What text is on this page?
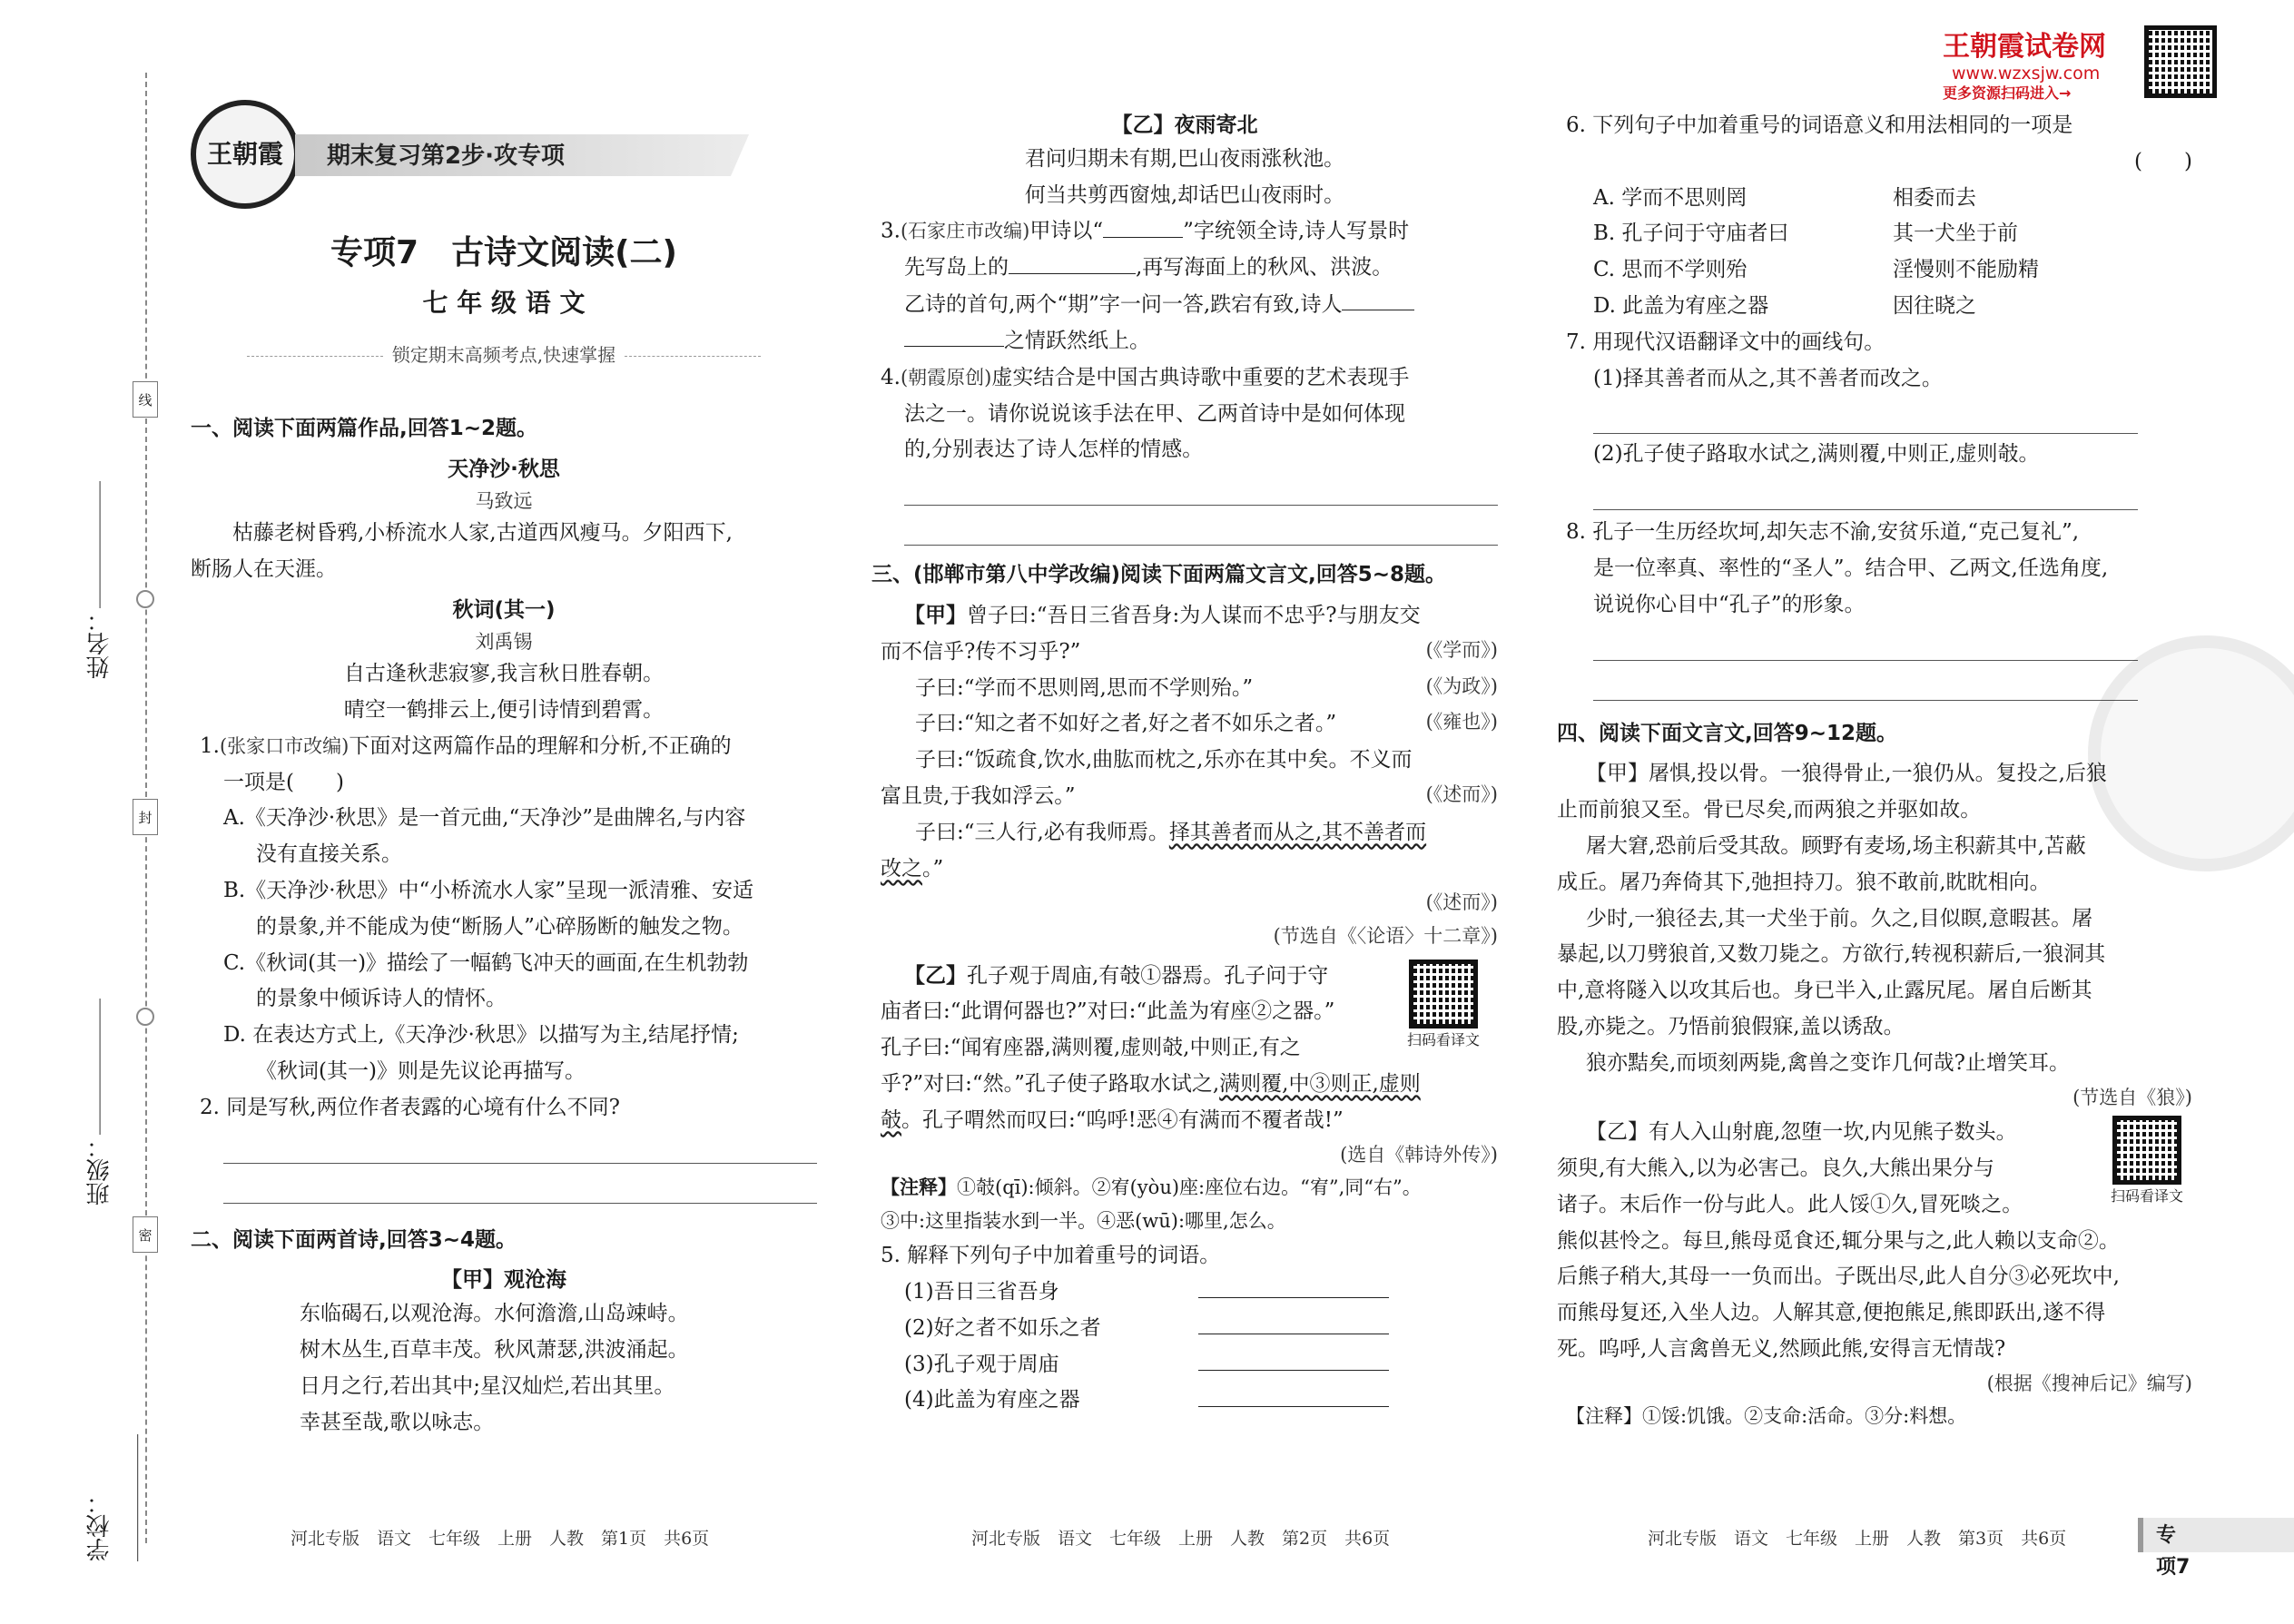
姓名：
线
班级：
封
学校：
密
王朝霞	期末复习第2步·攻专项
专项7　古诗文阅读(二)
七 年 级 语 文
锁定期末高频考点,快速掌握
一、阅读下面两篇作品,回答1~2题。
天净沙·秋思
马致远
枯藤老树昏鸦,小桥流水人家,古道西风瘦马。夕阳西下,
断肠人在天涯。
秋词(其一)
刘禹锡
自古逢秋悲寂寥,我言秋日胜春朝。
晴空一鹤排云上,便引诗情到碧霄。
1.(张家口市改编)下面对这两篇作品的理解和分析,不正确的
一项是(　　)
A.《天净沙·秋思》是一首元曲,“天净沙”是曲牌名,与内容
没有直接关系。
B.《天净沙·秋思》中“小桥流水人家”呈现一派清雅、安适
的景象,并不能成为使“断肠人”心碎肠断的触发之物。
C.《秋词(其一)》描绘了一幅鹤飞冲天的画面,在生机勃勃
的景象中倾诉诗人的情怀。
D. 在表达方式上,《天净沙·秋思》以描写为主,结尾抒情;
《秋词(其一)》则是先议论再描写。
2. 同是写秋,两位作者表露的心境有什么不同?
二、阅读下面两首诗,回答3~4题。
【甲】观沧海
东临碣石,以观沧海。水何澹澹,山岛竦峙。
树木丛生,百草丰茂。秋风萧瑟,洪波涌起。
日月之行,若出其中;星汉灿烂,若出其里。
幸甚至哉,歌以咏志。
河北专版　语文　七年级　上册　人教　第1页　共6页
【乙】夜雨寄北
君问归期未有期,巴山夜雨涨秋池。
何当共剪西窗烛,却话巴山夜雨时。
3.(石家庄市改编)甲诗以“	”字统领全诗,诗人写景时
先写岛上的	,再写海面上的秋风、洪波。
乙诗的首句,两个“期”字一问一答,跌宕有致,诗人
之情跃然纸上。
4.(朝霞原创)虚实结合是中国古典诗歌中重要的艺术表现手
法之一。请你说说该手法在甲、乙两首诗中是如何体现
的,分别表达了诗人怎样的情感。
三、(邯郸市第八中学改编)阅读下面两篇文言文,回答5~8题。
【甲】曾子曰:“吾日三省吾身:为人谋而不忠乎?与朋友交
而不信乎?传不习乎?”	(《学而》)
子曰:“学而不思则罔,思而不学则殆。”	(《为政》)
子曰:“知之者不如好之者,好之者不如乐之者。”	(《雍也》)
子曰:“饭疏食,饮水,曲肱而枕之,乐亦在其中矣。不义而
富且贵,于我如浮云。”	(《述而》)
子曰:“三人行,必有我师焉。择其善者而从之,其不善者而
改之。”
(《述而》)
(节选自《〈论语〉十二章》)
【乙】孔子观于周庙,有攲①器焉。孔子问于守
庙者曰:“此谓何器也?”对曰:“此盖为宥座②之器。”
孔子曰:“闻宥座器,满则覆,虚则攲,中则正,有之
乎?”对曰:“然。”孔子使子路取水试之,满则覆,中③则正,虚则
攲。孔子喟然而叹曰:“呜呼!恶④有满而不覆者哉!”
(选自《韩诗外传》)
扫码看译文
【注释】①攲(qī):倾斜。②宥(yòu)座:座位右边。“宥”,同“右”。
③中:这里指装水到一半。④恶(wū):哪里,怎么。
5. 解释下列句子中加着重号的词语。
(1)吾日三省吾身
(2)好之者不如乐之者
(3)孔子观于周庙
(4)此盖为宥座之器
河北专版　语文　七年级　上册　人教　第2页　共6页
6. 下列句子中加着重号的词语意义和用法相同的一项是
(　　)
A. 学而不思则罔	相委而去
B. 孔子问于守庙者曰	其一犬坐于前
C. 思而不学则殆	淫慢则不能励精
D. 此盖为宥座之器	因往晓之
7. 用现代汉语翻译文中的画线句。
(1)择其善者而从之,其不善者而改之。
(2)孔子使子路取水试之,满则覆,中则正,虚则攲。
8. 孔子一生历经坎坷,却矢志不渝,安贫乐道,“克己复礼”,
是一位率真、率性的“圣人”。结合甲、乙两文,任选角度,
说说你心目中“孔子”的形象。
四、阅读下面文言文,回答9~12题。
【甲】屠惧,投以骨。一狼得骨止,一狼仍从。复投之,后狼
止而前狼又至。骨已尽矣,而两狼之并驱如故。
屠大窘,恐前后受其敌。顾野有麦场,场主积薪其中,苫蔽
成丘。屠乃奔倚其下,弛担持刀。狼不敢前,眈眈相向。
少时,一狼径去,其一犬坐于前。久之,目似瞑,意暇甚。屠
暴起,以刀劈狼首,又数刀毙之。方欲行,转视积薪后,一狼洞其
中,意将隧入以攻其后也。身已半入,止露尻尾。屠自后断其
股,亦毙之。乃悟前狼假寐,盖以诱敌。
狼亦黠矣,而顷刻两毙,禽兽之变诈几何哉?止增笑耳。
(节选自《狼》)
【乙】有人入山射鹿,忽堕一坎,内见熊子数头。
须臾,有大熊入,以为必害己。良久,大熊出果分与
诸子。末后作一份与此人。此人馁①久,冒死啖之。
熊似甚怜之。每旦,熊母觅食还,辄分果与之,此人赖以支命②。
后熊子稍大,其母一一负而出。子既出尽,此人自分③必死坎中,
而熊母复还,入坐人边。人解其意,便抱熊足,熊即跃出,遂不得
死。呜呼,人言禽兽无义,然顾此熊,安得言无情哉?
(根据《搜神后记》编写)
扫码看译文
【注释】①馁:饥饿。②支命:活命。③分:料想。
河北专版　语文　七年级　上册　人教　第3页　共6页	专项7
王朝霞试卷网
www.wzxsjw.com
更多资源扫码进入→
